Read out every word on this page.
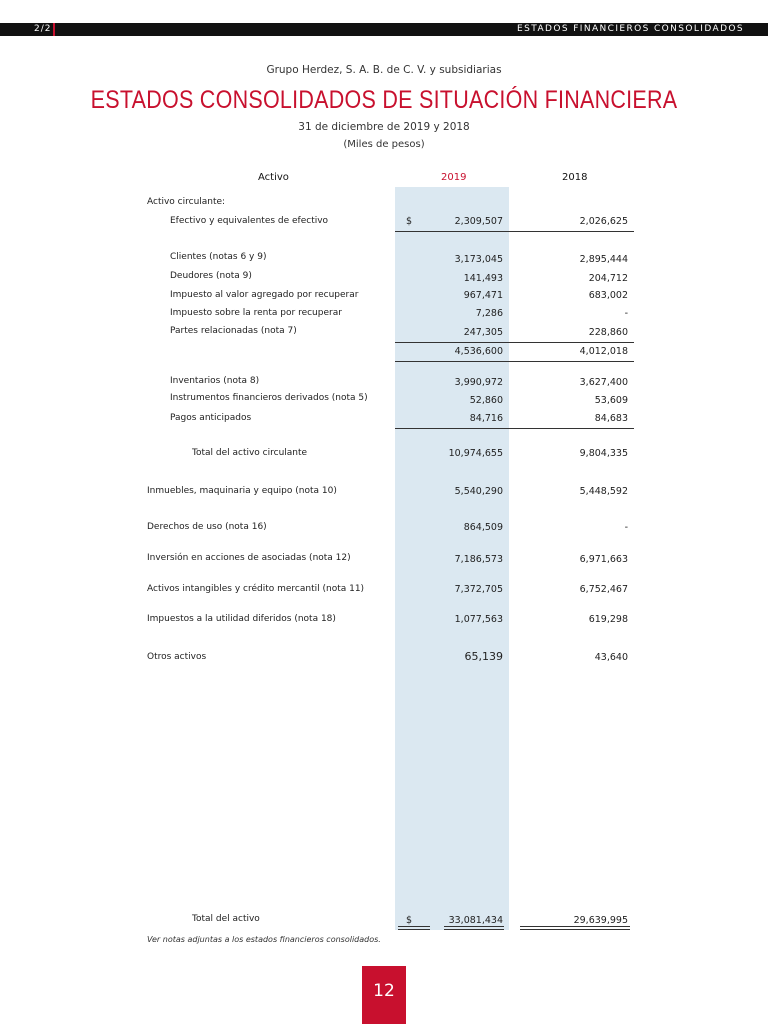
2/2	ESTADOS FINANCIEROS CONSOLIDADOS
Grupo Herdez, S. A. B. de C. V. y subsidiarias
ESTADOS CONSOLIDADOS DE SITUACIÓN FINANCIERA
31 de diciembre de 2019 y 2018
(Miles de pesos)
Activo	2019	2018
Activo circulante:
Efectivo y equivalentes de efectivo	$	2,309,507	2,026,625
Clientes (notas 6 y 9)	3,173,045	2,895,444
Deudores (nota 9)	141,493	204,712
Impuesto al valor agregado por recuperar	967,471	683,002
Impuesto sobre la renta por recuperar	7,286	-
Partes relacionadas (nota 7)	247,305	228,860
4,536,600	4,012,018
Inventarios (nota 8)	3,990,972	3,627,400
Instrumentos financieros derivados (nota 5)	52,860	53,609
Pagos anticipados	84,716	84,683
Total del activo circulante	10,974,655	9,804,335
Inmuebles, maquinaria y equipo (nota 10)	5,540,290	5,448,592
Derechos de uso (nota 16)	864,509	-
Inversión en acciones de asociadas (nota 12)	7,186,573	6,971,663
Activos intangibles y crédito mercantil (nota 11)	7,372,705	6,752,467
Impuestos a la utilidad diferidos (nota 18)	1,077,563	619,298
Otros activos	65,139	43,640
Total del activo	$	33,081,434	29,639,995
Ver notas adjuntas a los estados financieros consolidados.
12
